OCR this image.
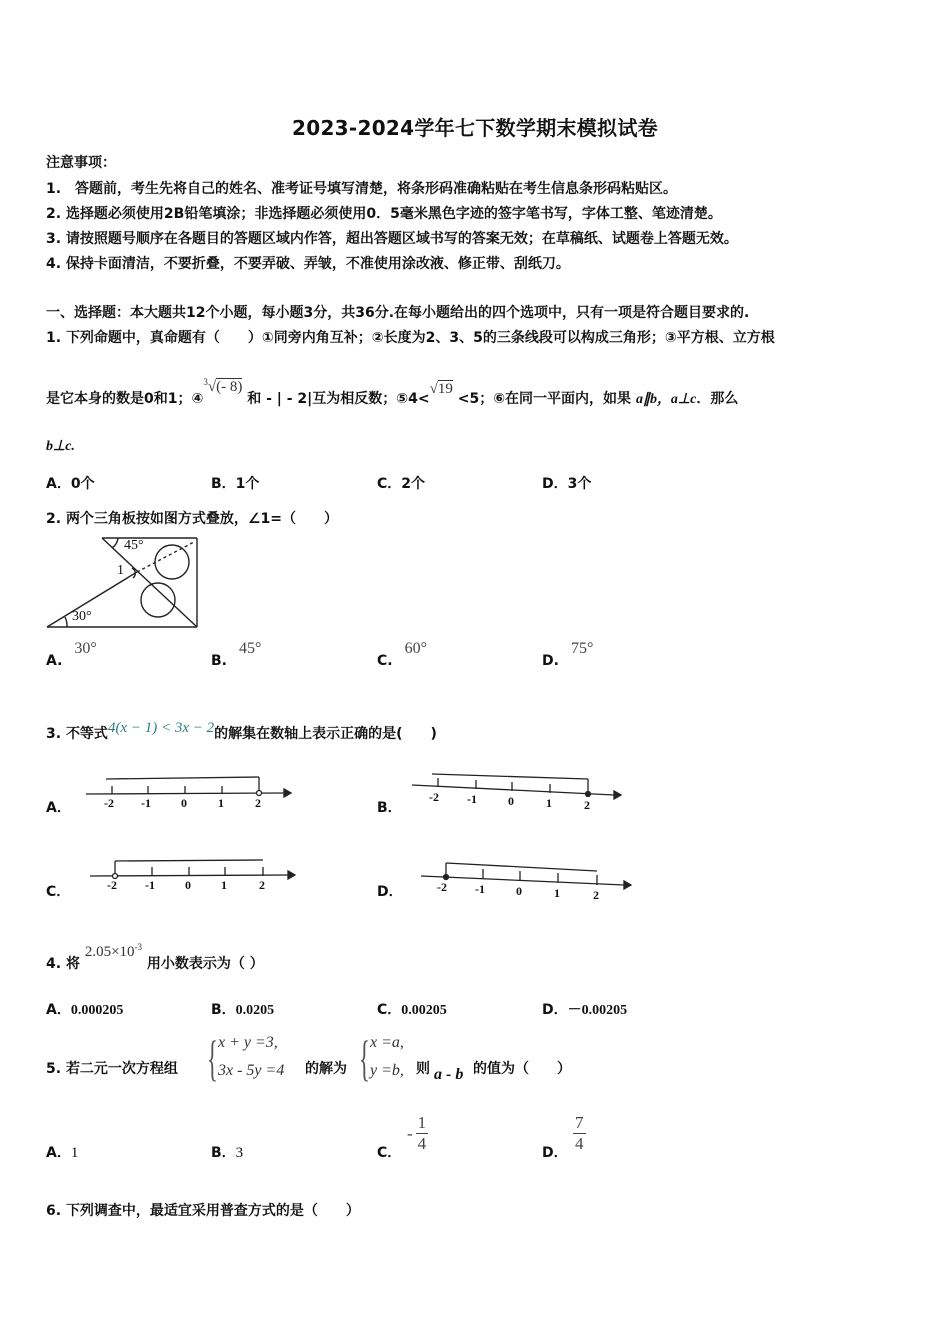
2023-2024学年七下数学期末模拟试卷
注意事项：
1.　答题前，考生先将自己的姓名、准考证号填写清楚，将条形码准确粘贴在考生信息条形码粘贴区。
2. 选择题必须使用2B铅笔填涂；非选择题必须使用0．5毫米黑色字迹的签字笔书写，字体工整、笔迹清楚。
3. 请按照题号顺序在各题目的答题区域内作答，超出答题区域书写的答案无效；在草稿纸、试题卷上答题无效。
4. 保持卡面清洁，不要折叠，不要弄破、弄皱，不准使用涂改液、修正带、刮纸刀。
一、选择题：本大题共12个小题，每小题3分，共36分.在每小题给出的四个选项中，只有一项是符合题目要求的.
1. 下列命题中，真命题有（　　）①同旁内角互补；②长度为2、3、5的三条线段可以构成三角形；③平方根、立方根
是它本身的数是0和1；④$^3$√(- 8) 和 - | - 2|互为相反数；⑤4<√19 <5；⑥在同一平面内，如果 a∥b，a⊥c．那么
b⊥c.
A．0个	B．1个	C．2个	D．3个
2. 两个三角板按如图方式叠放，∠1=（　　）
45°
1
30°
A.30°
B.45°
C.60°
D.75°
3. 不等式4(x − 1) < 3x − 2的解集在数轴上表示正确的是(　　)
A．	B．
C．	D．
-2 -1	0	1	2	-2 -1	0	1	2
-2 -1	0	1	2	-2 -1	0	1	2
4. 将 $2.05\times 10^{-3}$ 用小数表示为（ ）
A．0.000205	B．0.0205	C．0.00205	D．－0.00205
5. 若二元一次方程组 { x + y =3,
3x - 5y =4 的解为 { x =a,
y =b, 则 a - b 的值为（　　）
A．1	B．3	C．
- $\frac{1}{4}$	D． $\frac{7}{4}$
6. 下列调查中，最适宜采用普查方式的是（　　）
